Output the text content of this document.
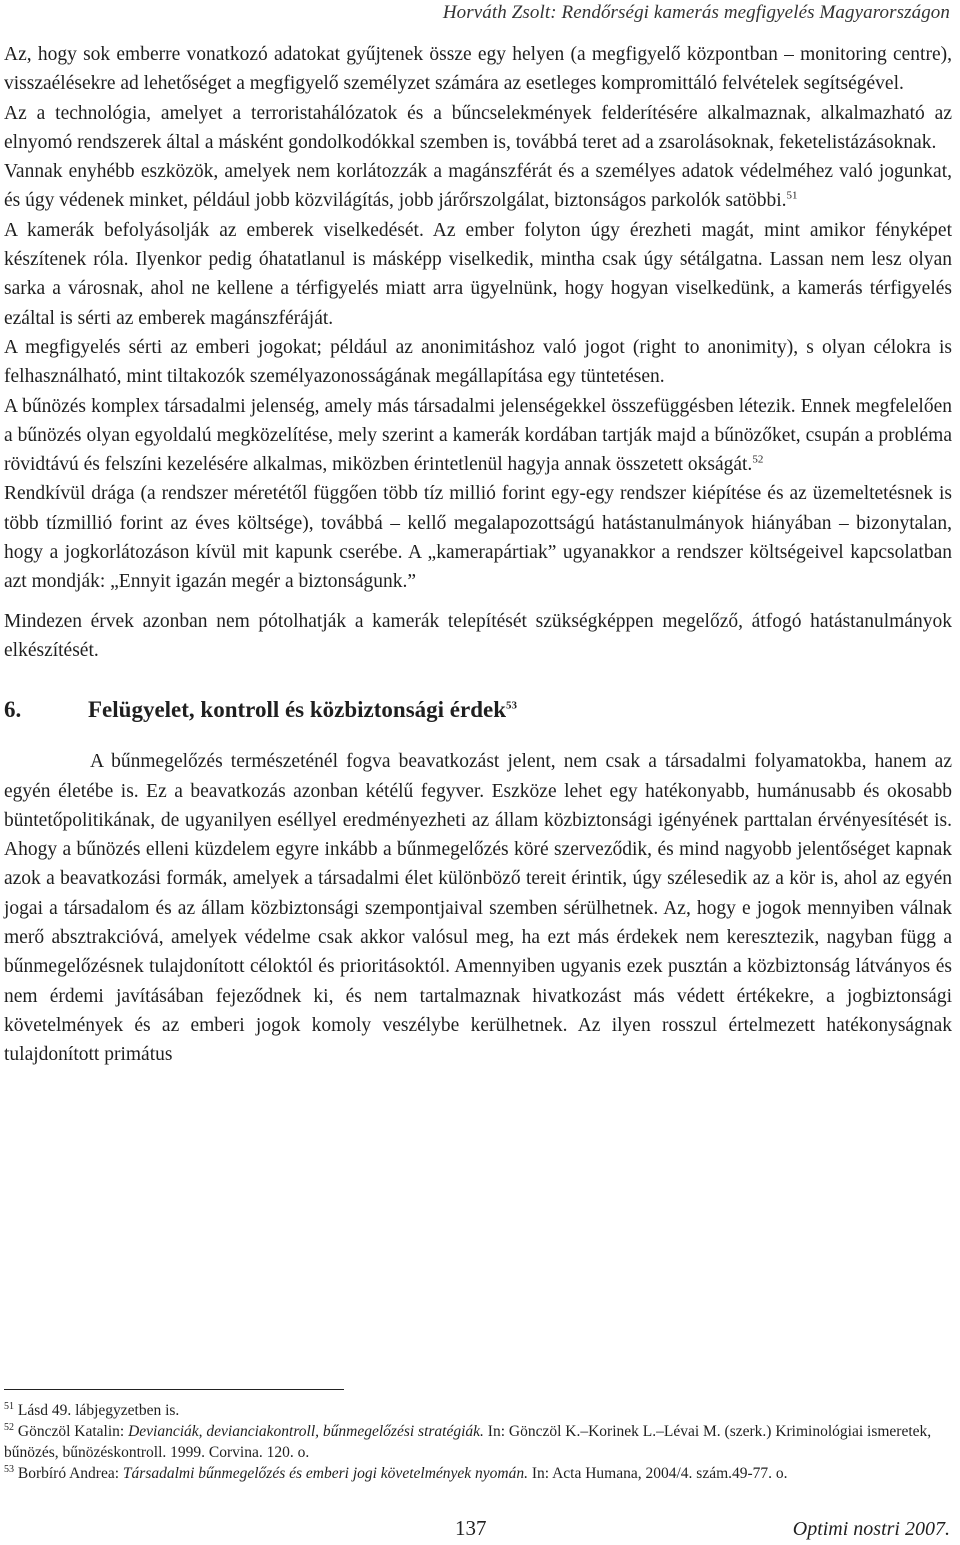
Horváth Zsolt: Rendőrségi kamerás megfigyelés Magyarországon

Az, hogy sok emberre vonatkozó adatokat gyűjtenek össze egy helyen (a megfigyelő központban – monitoring centre), visszaélésekre ad lehetőséget a megfigyelő személyzet számára az esetleges kompromittáló felvételek segítségével.

Az a technológia, amelyet a terroristahálózatok és a bűncselekmények felderítésére alkalmaznak, alkalmazható az elnyomó rendszerek által a másként gondolkodókkal szemben is, továbbá teret ad a zsarolásoknak, feketelistázásoknak.

Vannak enyhébb eszközök, amelyek nem korlátozzák a magánszférát és a személyes adatok védelméhez való jogunkat, és úgy védenek minket, például jobb közvilágítás, jobb járőrszolgálat, biztonságos parkolók satöbbi.$^{51}$

A kamerák befolyásolják az emberek viselkedését. Az ember folyton úgy érezheti magát, mint amikor fényképet készítenek róla. Ilyenkor pedig óhatatlanul is másképp viselkedik, mintha csak úgy sétálgatna. Lassan nem lesz olyan sarka a városnak, ahol ne kellene a térfigyelés miatt arra ügyelnünk, hogy hogyan viselkedünk, a kamerás térfigyelés ezáltal is sérti az emberek magánszféráját.

A megfigyelés sérti az emberi jogokat; például az anonimitáshoz való jogot (right to anonimity), s olyan célokra is felhasználható, mint tiltakozók személyazonosságának megállapítása egy tüntetésen.

A bűnözés komplex társadalmi jelenség, amely más társadalmi jelenségekkel összefüggésben létezik. Ennek megfelelően a bűnözés olyan egyoldalú megközelítése, mely szerint a kamerák kordában tartják majd a bűnözőket, csupán a probléma rövidtávú és felszíni kezelésére alkalmas, miközben érintetlenül hagyja annak összetett okságát.$^{52}$

Rendkívül drága (a rendszer méretétől függően több tíz millió forint egy-egy rendszer kiépítése és az üzemeltetésnek is több tízmillió forint az éves költsége), továbbá – kellő megalapozottságú hatástanulmányok hiányában – bizonytalan, hogy a jogkorlátozáson kívül mit kapunk cserébe. A „kamerapártiak” ugyanakkor a rendszer költségeivel kapcsolatban azt mondják: „Ennyit igazán megér a biztonságunk.”

Mindezen érvek azonban nem pótolhatják a kamerák telepítését szükségképpen megelőző, átfogó hatástanulmányok elkészítését.

6.	Felügyelet, kontroll és közbiztonsági érdek$^{53}$

A bűnmegelőzés természeténél fogva beavatkozást jelent, nem csak a társadalmi folyamatokba, hanem az egyén életébe is. Ez a beavatkozás azonban kétélű fegyver. Eszköze lehet egy hatékonyabb, humánusabb és okosabb büntetőpolitikának, de ugyanilyen eséllyel eredményezheti az állam közbiztonsági igényének parttalan érvényesítését is. Ahogy a bűnözés elleni küzdelem egyre inkább a bűnmegelőzés köré szerveződik, és mind nagyobb jelentőséget kapnak azok a beavatkozási formák, amelyek a társadalmi élet különböző tereit érintik, úgy szélesedik az a kör is, ahol az egyén jogai a társadalom és az állam közbiztonsági szempontjaival szemben sérülhetnek. Az, hogy e jogok mennyiben válnak merő absztrakcióvá, amelyek védelme csak akkor valósul meg, ha ezt más érdekek nem keresztezik, nagyban függ a bűnmegelőzésnek tulajdonított céloktól és prioritásoktól. Amennyiben ugyanis ezek pusztán a közbiztonság látványos és nem érdemi javításában fejeződnek ki, és nem tartalmaznak hivatkozást más védett értékekre, a jogbiztonsági követelmények és az emberi jogok komoly veszélybe kerülhetnek. Az ilyen rosszul értelmezett hatékonyságnak tulajdonított primátus

$^{51}$ Lásd 49. lábjegyzetben is.

$^{52}$ Gönczöl Katalin: Devianciák, devianciakontroll, bűnmegelőzési stratégiák. In: Gönczöl K.–Korinek L.–Lévai M. (szerk.) Kriminológiai ismeretek, bűnözés, bűnözéskontroll. 1999. Corvina. 120. o.

$^{53}$ Borbíró Andrea: Társadalmi bűnmegelőzés és emberi jogi követelmények nyomán. In: Acta Humana, 2004/4. szám.49-77. o.

137	Optimi nostri 2007.
